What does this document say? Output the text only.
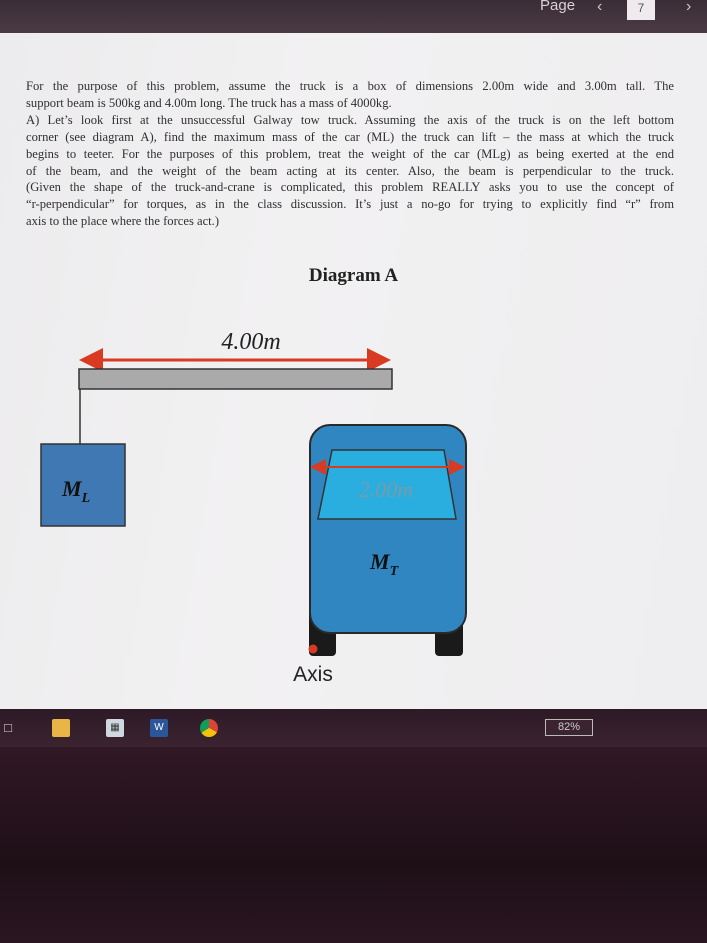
Page ‹	7	›
For the purpose of this problem, assume the truck is a box of dimensions 2.00m wide and 3.00m tall. The
support beam is 500kg and 4.00m long. The truck has a mass of 4000kg.
A) Let’s look first at the unsuccessful Galway tow truck. Assuming the axis of the truck is on the left bottom
corner (see diagram A), find the maximum mass of the car (ML) the truck can lift – the mass at which the truck
begins to teeter. For the purposes of this problem, treat the weight of the car (MLg) as being exerted at the end
of the beam, and the weight of the beam acting at its center. Also, the beam is perpendicular to the truck.
(Given the shape of the truck-and-crane is complicated, this problem REALLY asks you to use the concept of
“r-perpendicular” for torques, as in the class discussion. It’s just a no-go for trying to explicitly find “r” from
axis to the place where the forces act.)
Diagram A
4.00m
$M_L$	2.00m
$M_T$
Axis
□	▦	W	82%
